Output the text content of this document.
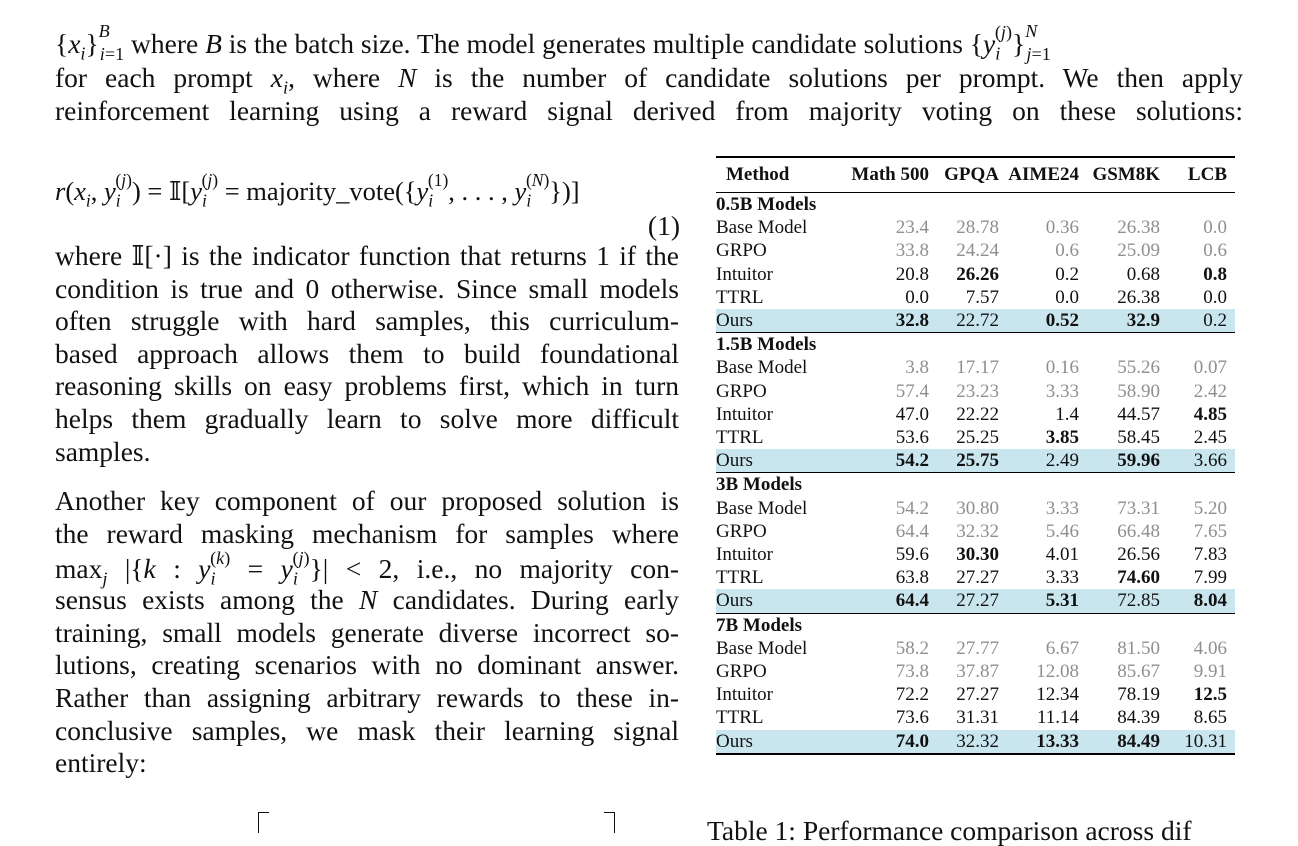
$\{x_i\}^B_{i=1}$ where B is the batch size. The model generates multiple candidate solutions $\{y_i^{(j)}\}^N_{j=1}$
for each prompt $x_i$, where N is the number of candidate solutions per prompt. We then apply
reinforcement learning using a reward signal derived from majority voting on these solutions:
$r(x_i$, $y_i^{(j)}$) = $𝕀[y_i^{(j)}$ = $majority\_vote(\{y_i^{(1)}$, . . . , $y_i^{(N)}$})]
(1)
where 𝕀[·] is the indicator function that returns 1 if the
condition is true and 0 otherwise. Since small models
often struggle with hard samples, this curriculum-
based approach allows them to build foundational
reasoning skills on easy problems first, which in turn
helps them gradually learn to solve more difficult
samples.
Another key component of our proposed solution is
the reward masking mechanism for samples where
$\max_j |\{k$ : $y_i^{(k)} = y_i^{(j)}\}| < 2$, i.e., no majority con-
sensus exists among the N candidates. During early
training, small models generate diverse incorrect so-
lutions, creating scenarios with no dominant answer.
Rather than assigning arbitrary rewards to these in-
conclusive samples, we mask their learning signal
entirely:
Table 1: Performance comparison across dif
Method	Math 500	GPQA	AIME24	GSM8K	LCB
0.5B Models					
Base Model	23.4	28.78	0.36	26.38	0.0
GRPO	33.8	24.24	0.6	25.09	0.6
Intuitor	20.8	26.26	0.2	0.68	0.8
TTRL	0.0	7.57	0.0	26.38	0.0
Ours	32.8	22.72	0.52	32.9	0.2
1.5B Models					
Base Model	3.8	17.17	0.16	55.26	0.07
GRPO	57.4	23.23	3.33	58.90	2.42
Intuitor	47.0	22.22	1.4	44.57	4.85
TTRL	53.6	25.25	3.85	58.45	2.45
Ours	54.2	25.75	2.49	59.96	3.66
3B Models					
Base Model	54.2	30.80	3.33	73.31	5.20
GRPO	64.4	32.32	5.46	66.48	7.65
Intuitor	59.6	30.30	4.01	26.56	7.83
TTRL	63.8	27.27	3.33	74.60	7.99
Ours	64.4	27.27	5.31	72.85	8.04
7B Models					
Base Model	58.2	27.77	6.67	81.50	4.06
GRPO	73.8	37.87	12.08	85.67	9.91
Intuitor	72.2	27.27	12.34	78.19	12.5
TTRL	73.6	31.31	11.14	84.39	8.65
Ours	74.0	32.32	13.33	84.49	10.31
